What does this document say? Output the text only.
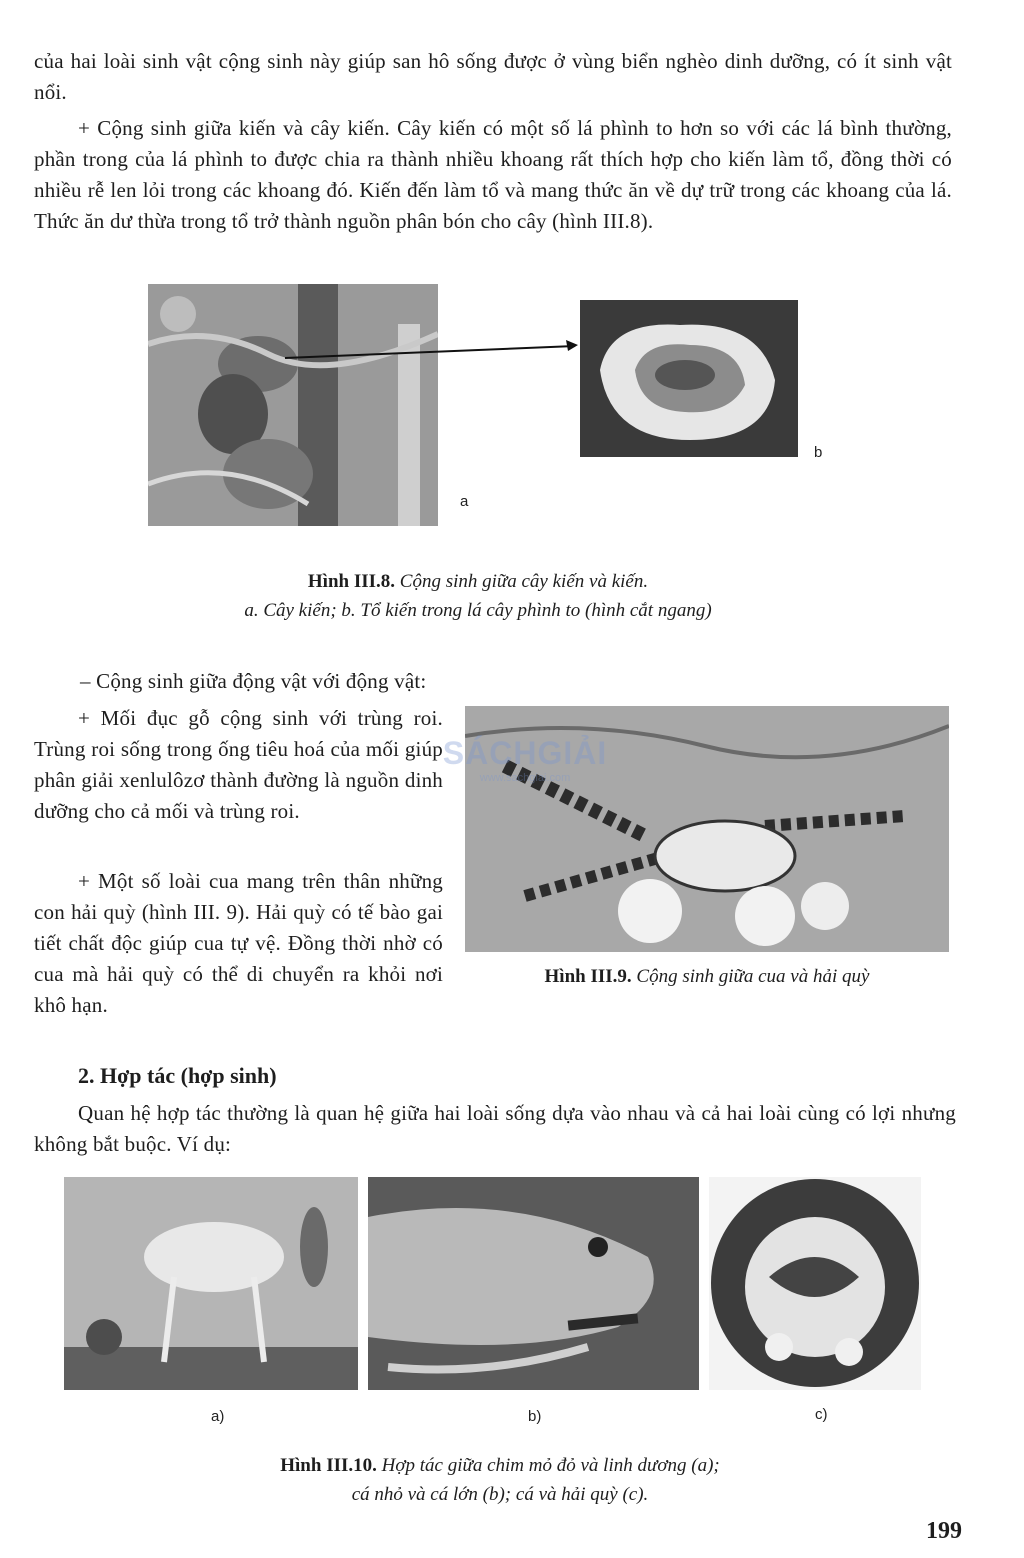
của hai loài sinh vật cộng sinh này giúp san hô sống được ở vùng biển nghèo dinh dưỡng, có ít sinh vật nổi.

+ Cộng sinh giữa kiến và cây kiến. Cây kiến có một số lá phình to hơn so với các lá bình thường, phần trong của lá phình to được chia ra thành nhiều khoang rất thích hợp cho kiến làm tổ, đồng thời có nhiều rễ len lỏi trong các khoang đó. Kiến đến làm tổ và mang thức ăn về dự trữ trong các khoang của lá. Thức ăn dư thừa trong tổ trở thành nguồn phân bón cho cây (hình III.8).

a
b
Hình III.8. Cộng sinh giữa cây kiến và kiến.
a. Cây kiến; b. Tổ kiến trong lá cây phình to (hình cắt ngang)

– Cộng sinh giữa động vật với động vật:

+ Mối đục gỗ cộng sinh với trùng roi. Trùng roi sống trong ống tiêu hoá của mối giúp phân giải xenlulôzơ thành đường là nguồn dinh dưỡng cho cả mối và trùng roi.

+ Một số loài cua mang trên thân những con hải quỳ (hình III. 9). Hải quỳ có tế bào gai tiết chất độc giúp cua tự vệ. Đồng thời nhờ có cua mà hải quỳ có thể di chuyển ra khỏi nơi khô hạn.

SÁCHGIẢI
www.sachgiai.com
Hình III.9. Cộng sinh giữa cua và hải quỳ
2. Hợp tác (hợp sinh)

Quan hệ hợp tác thường là quan hệ giữa hai loài sống dựa vào nhau và cả hai loài cùng có lợi nhưng không bắt buộc. Ví dụ:

a)	b)	c)
Hình III.10. Hợp tác giữa chim mỏ đỏ và linh dương (a);
cá nhỏ và cá lớn (b); cá và hải quỳ (c).
199
